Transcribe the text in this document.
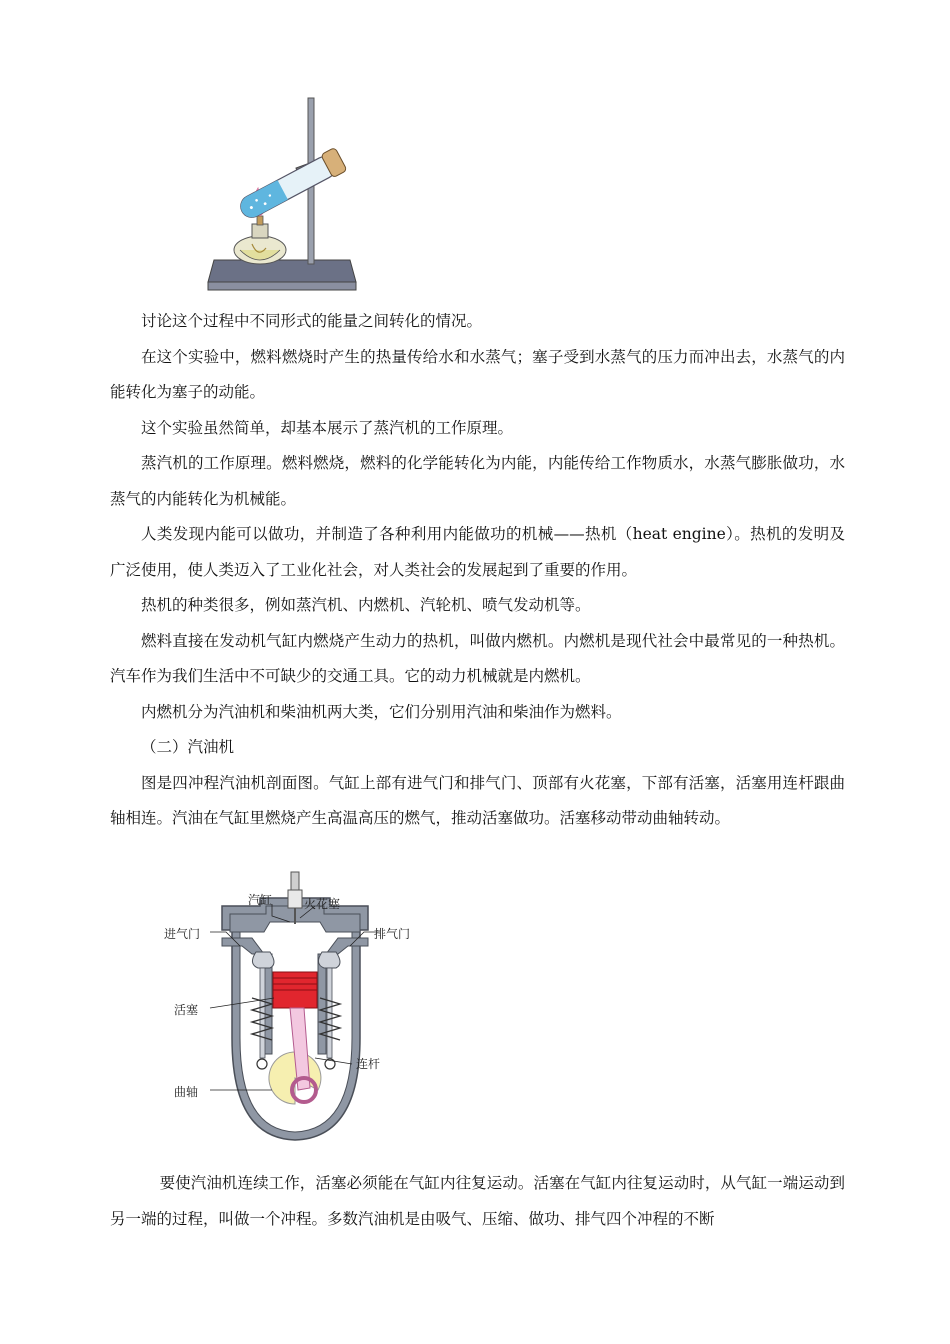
讨论这个过程中不同形式的能量之间转化的情况。

在这个实验中，燃料燃烧时产生的热量传给水和水蒸气；塞子受到水蒸气的压力而冲出去，水蒸气的内能转化为塞子的动能。

这个实验虽然简单，却基本展示了蒸汽机的工作原理。

蒸汽机的工作原理。燃料燃烧，燃料的化学能转化为内能，内能传给工作物质水，水蒸气膨胀做功，水蒸气的内能转化为机械能。

人类发现内能可以做功，并制造了各种利用内能做功的机械——热机（heat engine）。热机的发明及广泛使用，使人类迈入了工业化社会，对人类社会的发展起到了重要的作用。

热机的种类很多，例如蒸汽机、内燃机、汽轮机、喷气发动机等。

燃料直接在发动机气缸内燃烧产生动力的热机，叫做内燃机。内燃机是现代社会中最常见的一种热机。汽车作为我们生活中不可缺少的交通工具。它的动力机械就是内燃机。

内燃机分为汽油机和柴油机两大类，它们分别用汽油和柴油作为燃料。

（二）汽油机

图是四冲程汽油机剖面图。气缸上部有进气门和排气门、顶部有火花塞，下部有活塞，活塞用连杆跟曲轴相连。汽油在气缸里燃烧产生高温高压的燃气，推动活塞做功。活塞移动带动曲轴转动。

汽缸	火花塞
进气门	排气门
活塞
连杆
曲轴

要使汽油机连续工作，活塞必须能在气缸内往复运动。活塞在气缸内往复运动时，从气缸一端运动到另一端的过程，叫做一个冲程。多数汽油机是由吸气、压缩、做功、排气四个冲程的不断
